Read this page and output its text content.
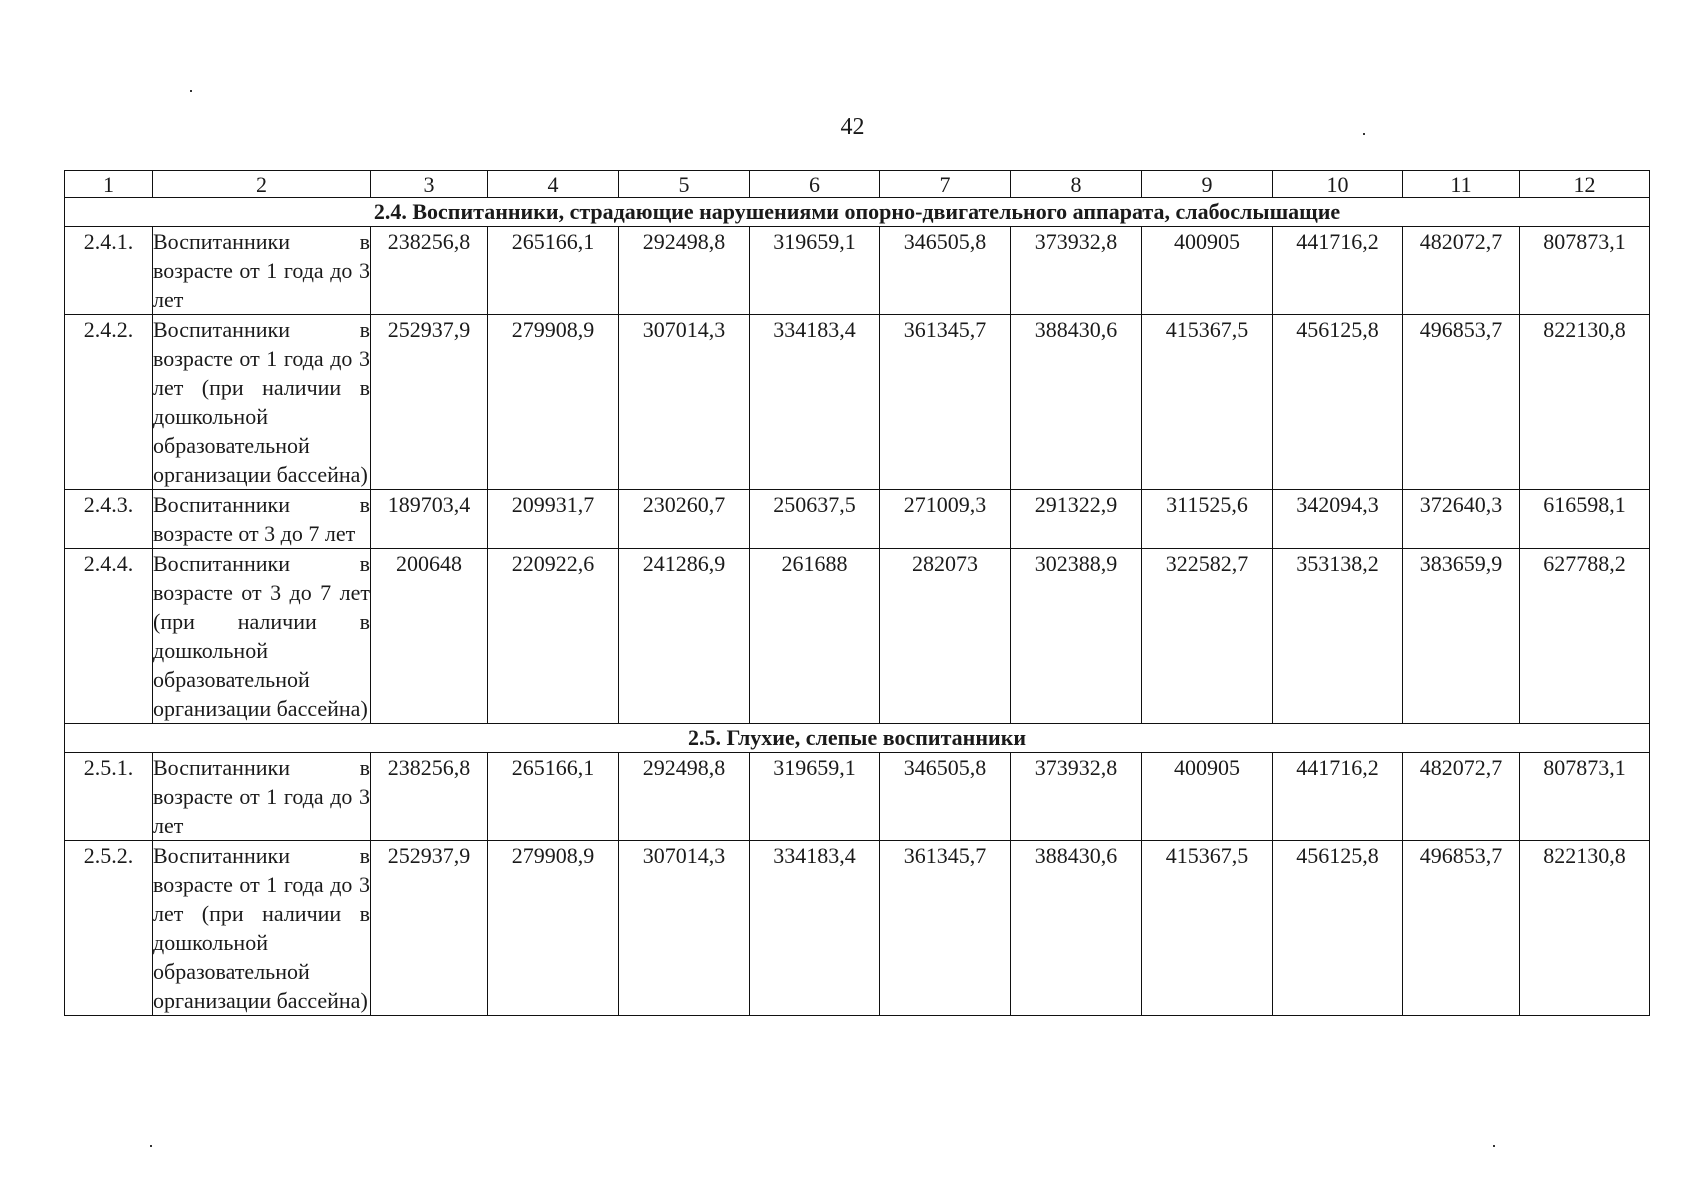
42
1	2	3	4	5	6	7	8	9	10	11	12
2.4. Воспитанники, страдающие нарушениями опорно-двигательного аппарата, слабослышащие											
2.4.1.	Воспитанники в возрасте от 1 года до 3 лет	238256,8	265166,1	292498,8	319659,1	346505,8	373932,8	400905	441716,2	482072,7	807873,1
2.4.2.	Воспитанники в возрасте от 1 года до 3 лет (при наличии в дошкольной образовательной организации бассейна)	252937,9	279908,9	307014,3	334183,4	361345,7	388430,6	415367,5	456125,8	496853,7	822130,8
2.4.3.	Воспитанники в возрасте от 3 до 7 лет	189703,4	209931,7	230260,7	250637,5	271009,3	291322,9	311525,6	342094,3	372640,3	616598,1
2.4.4.	Воспитанники в возрасте от 3 до 7 лет (при наличии в дошкольной образовательной организации бассейна)	200648	220922,6	241286,9	261688	282073	302388,9	322582,7	353138,2	383659,9	627788,2
2.5. Глухие, слепые воспитанники											
2.5.1.	Воспитанники в возрасте от 1 года до 3 лет	238256,8	265166,1	292498,8	319659,1	346505,8	373932,8	400905	441716,2	482072,7	807873,1
2.5.2.	Воспитанники в возрасте от 1 года до 3 лет (при наличии в дошкольной образовательной организации бассейна)	252937,9	279908,9	307014,3	334183,4	361345,7	388430,6	415367,5	456125,8	496853,7	822130,8
